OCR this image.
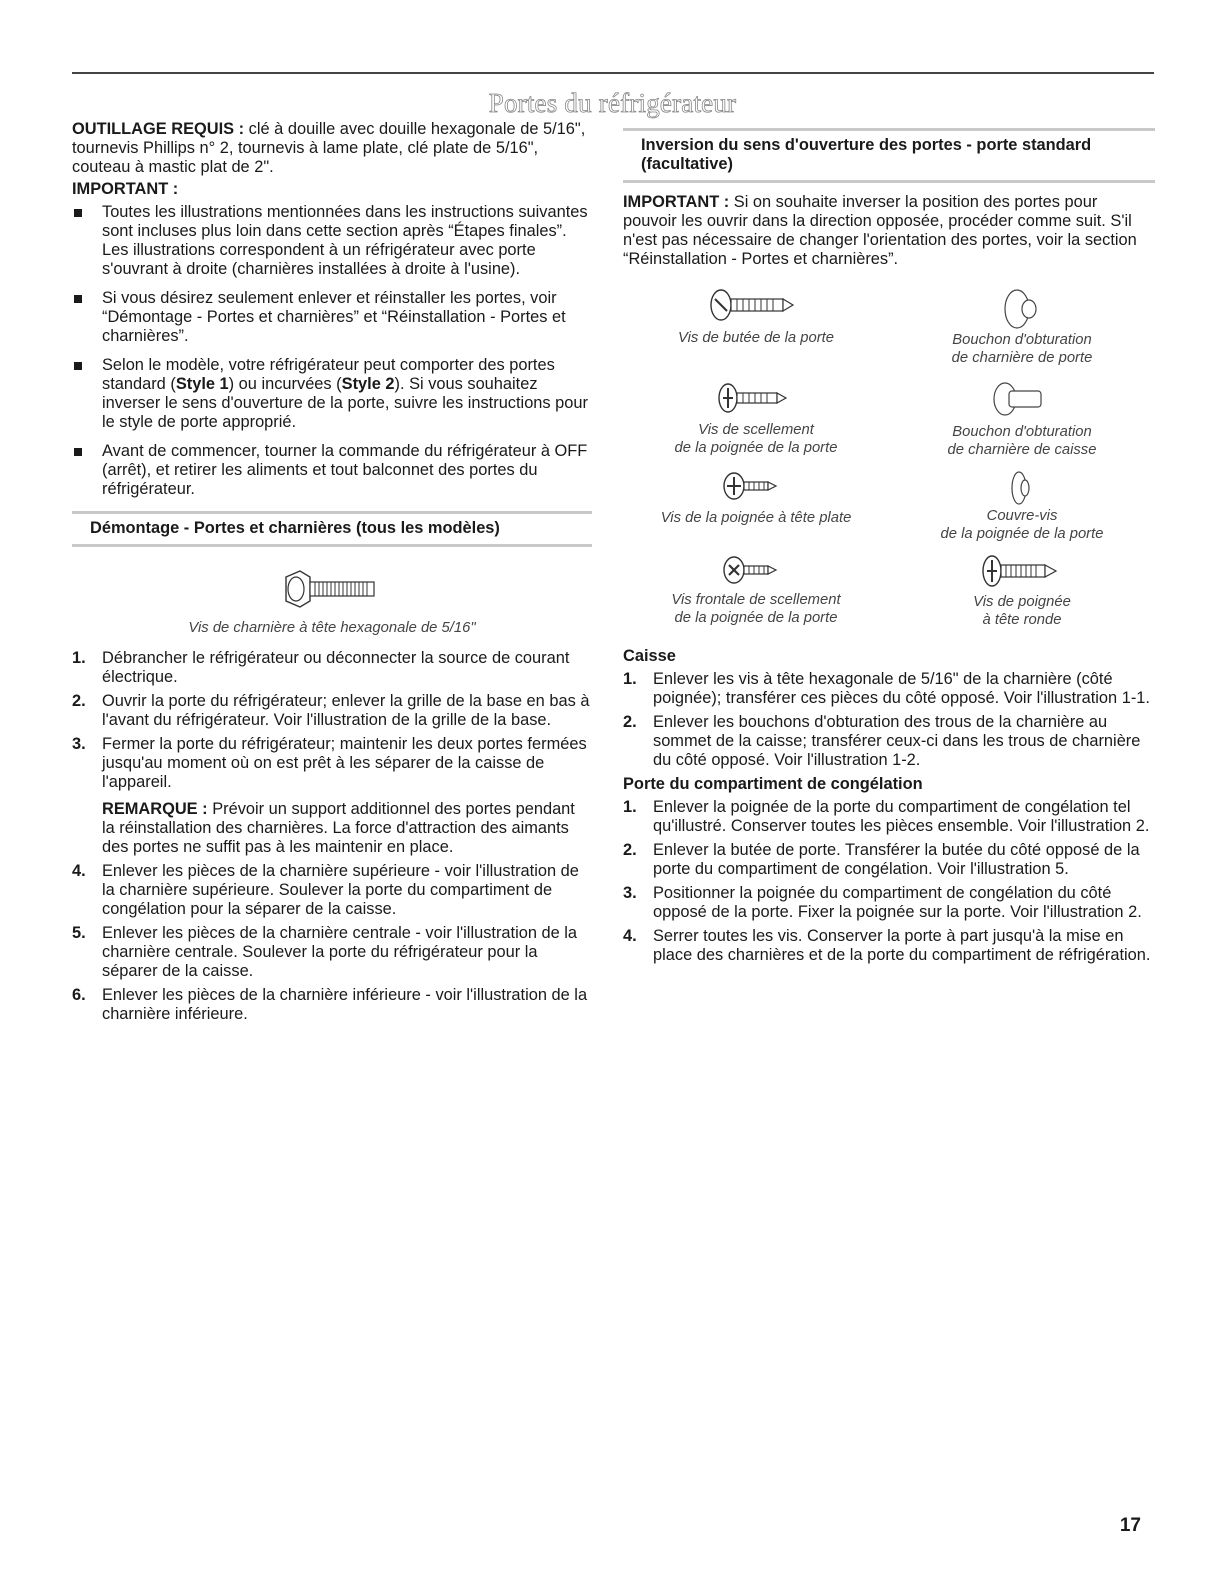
Portes du réfrigérateur

OUTILLAGE REQUIS : clé à douille avec douille hexagonale de 5/16", tournevis Phillips n° 2, tournevis à lame plate, clé plate de 5/16", couteau à mastic plat de 2".

IMPORTANT :
Toutes les illustrations mentionnées dans les instructions suivantes sont incluses plus loin dans cette section après “Étapes finales”. Les illustrations correspondent à un réfrigérateur avec porte s'ouvrant à droite (charnières installées à droite à l'usine).
Si vous désirez seulement enlever et réinstaller les portes, voir “Démontage - Portes et charnières” et “Réinstallation - Portes et charnières”.
Selon le modèle, votre réfrigérateur peut comporter des portes standard (Style 1) ou incurvées (Style 2). Si vous souhaitez inverser le sens d'ouverture de la porte, suivre les instructions pour le style de porte approprié.
Avant de commencer, tourner la commande du réfrigérateur à OFF (arrêt), et retirer les aliments et tout balconnet des portes du réfrigérateur.
Démontage - Portes et charnières (tous les modèles)
Vis de charnière à tête hexagonale de 5/16"
1. Débrancher le réfrigérateur ou déconnecter la source de courant électrique.
2. Ouvrir la porte du réfrigérateur; enlever la grille de la base en bas à l'avant du réfrigérateur. Voir l'illustration de la grille de la base.
3. Fermer la porte du réfrigérateur; maintenir les deux portes fermées jusqu'au moment où on est prêt à les séparer de la caisse de l'appareil.

REMARQUE : Prévoir un support additionnel des portes pendant la réinstallation des charnières. La force d'attraction des aimants des portes ne suffit pas à les maintenir en place.

4. Enlever les pièces de la charnière supérieure - voir l'illustration de la charnière supérieure. Soulever la porte du compartiment de congélation pour la séparer de la caisse.
5. Enlever les pièces de la charnière centrale - voir l'illustration de la charnière centrale. Soulever la porte du réfrigérateur pour la séparer de la caisse.
6. Enlever les pièces de la charnière inférieure - voir l'illustration de la charnière inférieure.
Inversion du sens d'ouverture des portes - porte standard (facultative)

IMPORTANT : Si on souhaite inverser la position des portes pour pouvoir les ouvrir dans la direction opposée, procéder comme suit. S'il n'est pas nécessaire de changer l'orientation des portes, voir la section “Réinstallation - Portes et charnières”.

Vis de butée de la porte	Bouchon d'obturation
de charnière de porte
Vis de scellement
de la poignée de la porte
Bouchon d'obturation
de charnière de caisse
Vis de la poignée à tête plate	Couvre-vis
de la poignée de la porte
Vis frontale de scellement
de la poignée de la porte
Vis de poignée
à tête ronde
Caisse
1. Enlever les vis à tête hexagonale de 5/16" de la charnière (côté poignée); transférer ces pièces du côté opposé. Voir l'illustration 1-1.
2. Enlever les bouchons d'obturation des trous de la charnière au sommet de la caisse; transférer ceux-ci dans les trous de charnière du côté opposé. Voir l'illustration 1-2.
Porte du compartiment de congélation
1. Enlever la poignée de la porte du compartiment de congélation tel qu'illustré. Conserver toutes les pièces ensemble. Voir l'illustration 2.
2. Enlever la butée de porte. Transférer la butée du côté opposé de la porte du compartiment de congélation. Voir l'illustration 5.
3. Positionner la poignée du compartiment de congélation du côté opposé de la porte. Fixer la poignée sur la porte. Voir l'illustration 2.
4. Serrer toutes les vis. Conserver la porte à part jusqu'à la mise en place des charnières et de la porte du compartiment de réfrigération.
17
